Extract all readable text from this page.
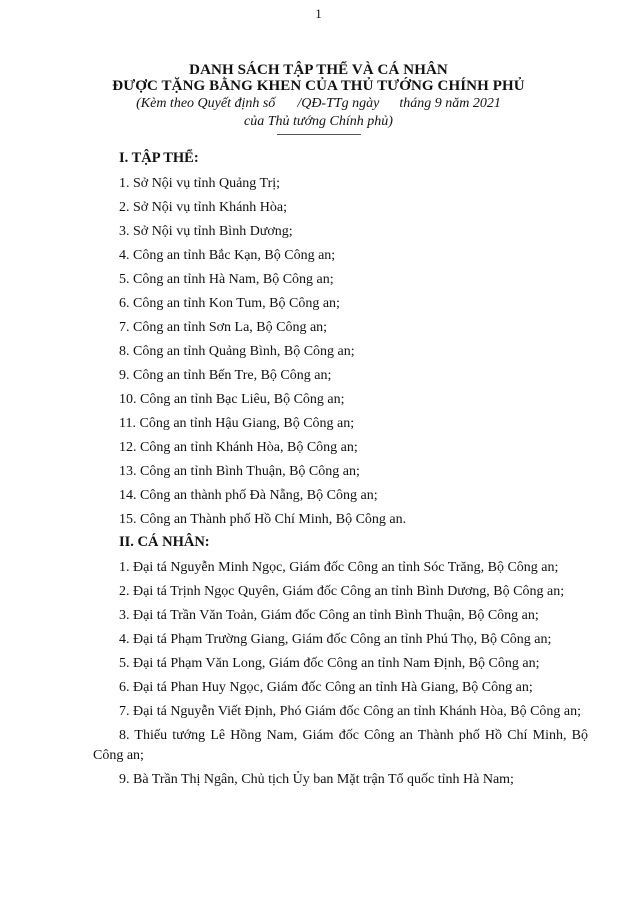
1
DANH SÁCH TẬP THỂ VÀ CÁ NHÂN
ĐƯỢC TẶNG BẰNG KHEN CỦA THỦ TƯỚNG CHÍNH PHỦ
(Kèm theo Quyết định số /QĐ-TTg ngày tháng 9 năm 2021
của Thủ tướng Chính phủ)
I. TẬP THỂ:
1. Sở Nội vụ tỉnh Quảng Trị;
2. Sở Nội vụ tỉnh Khánh Hòa;
3. Sở Nội vụ tỉnh Bình Dương;
4. Công an tỉnh Bắc Kạn, Bộ Công an;
5. Công an tỉnh Hà Nam, Bộ Công an;
6. Công an tỉnh Kon Tum, Bộ Công an;
7. Công an tỉnh Sơn La, Bộ Công an;
8. Công an tỉnh Quảng Bình, Bộ Công an;
9. Công an tỉnh Bến Tre, Bộ Công an;
10. Công an tỉnh Bạc Liêu, Bộ Công an;
11. Công an tỉnh Hậu Giang, Bộ Công an;
12. Công an tỉnh Khánh Hòa, Bộ Công an;
13. Công an tỉnh Bình Thuận, Bộ Công an;
14. Công an thành phố Đà Nẵng, Bộ Công an;
15. Công an Thành phố Hồ Chí Minh, Bộ Công an.
II. CÁ NHÂN:
1. Đại tá Nguyễn Minh Ngọc, Giám đốc Công an tỉnh Sóc Trăng, Bộ Công an;
2. Đại tá Trịnh Ngọc Quyên, Giám đốc Công an tỉnh Bình Dương, Bộ Công an;
3. Đại tá Trần Văn Toản, Giám đốc Công an tỉnh Bình Thuận, Bộ Công an;
4. Đại tá Phạm Trường Giang, Giám đốc Công an tỉnh Phú Thọ, Bộ Công an;
5. Đại tá Phạm Văn Long, Giám đốc Công an tỉnh Nam Định, Bộ Công an;
6. Đại tá Phan Huy Ngọc, Giám đốc Công an tỉnh Hà Giang, Bộ Công an;
7. Đại tá Nguyễn Viết Định, Phó Giám đốc Công an tỉnh Khánh Hòa, Bộ Công an;
8. Thiếu tướng Lê Hồng Nam, Giám đốc Công an Thành phố Hồ Chí Minh, Bộ Công an;
9. Bà Trần Thị Ngân, Chủ tịch Ủy ban Mặt trận Tổ quốc tỉnh Hà Nam;
